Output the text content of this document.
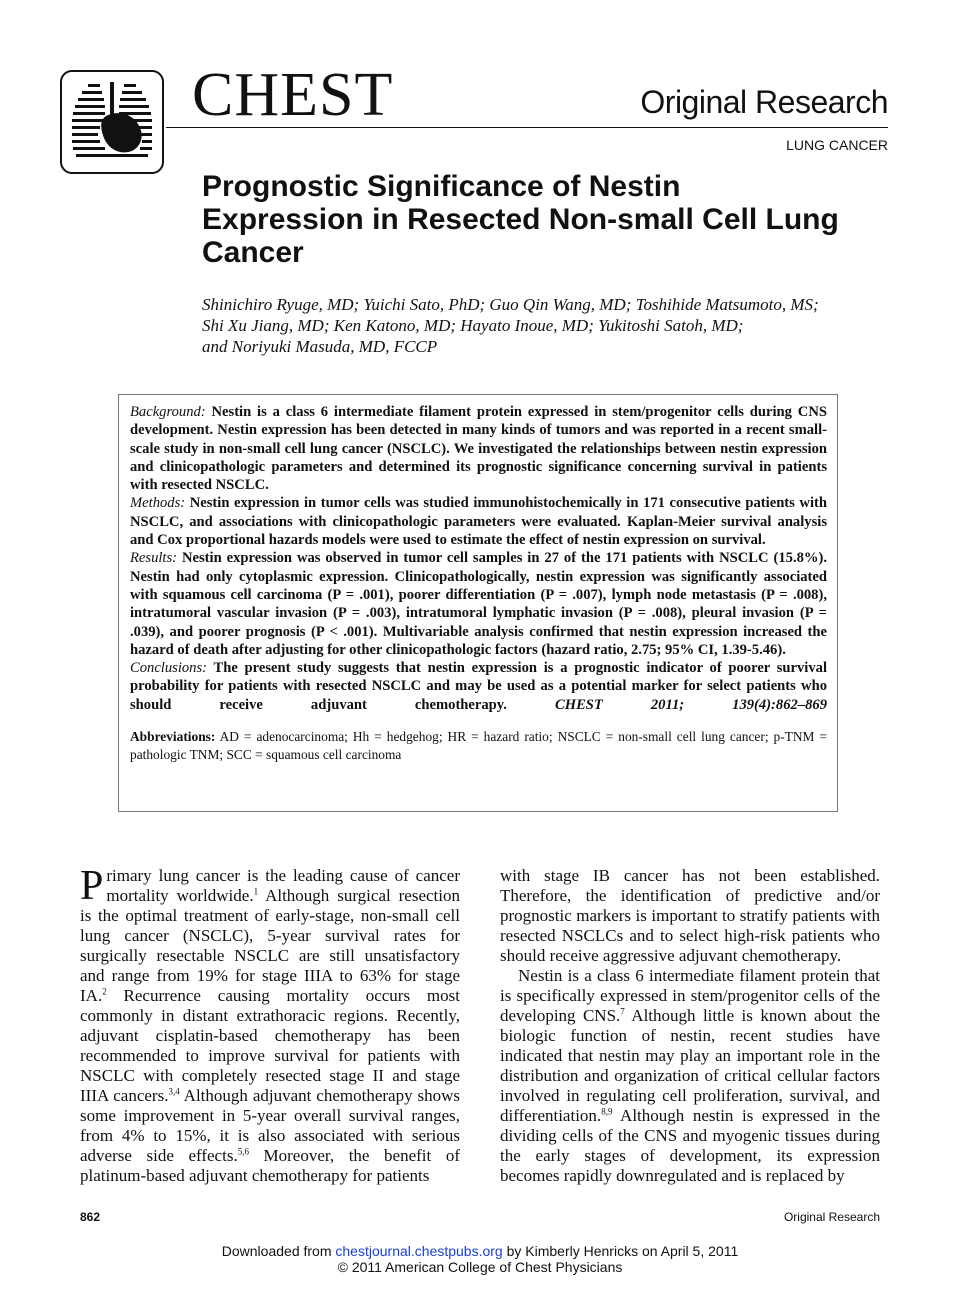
CHEST	Original Research
LUNG CANCER
Prognostic Significance of Nestin Expression in Resected Non-small Cell Lung Cancer
Shinichiro Ryuge, MD; Yuichi Sato, PhD; Guo Qin Wang, MD; Toshihide Matsumoto, MS;
Shi Xu Jiang, MD; Ken Katono, MD; Hayato Inoue, MD; Yukitoshi Satoh, MD;
and Noriyuki Masuda, MD, FCCP

Background: Nestin is a class 6 intermediate filament protein expressed in stem/progenitor cells during CNS development. Nestin expression has been detected in many kinds of tumors and was reported in a recent small-scale study in non-small cell lung cancer (NSCLC). We investigated the relationships between nestin expression and clinicopathologic parameters and determined its prognostic significance concerning survival in patients with resected NSCLC.

Methods: Nestin expression in tumor cells was studied immunohistochemically in 171 consecutive patients with NSCLC, and associations with clinicopathologic parameters were evaluated. Kaplan-Meier survival analysis and Cox proportional hazards models were used to estimate the effect of nestin expression on survival.

Results: Nestin expression was observed in tumor cell samples in 27 of the 171 patients with NSCLC (15.8%). Nestin had only cytoplasmic expression. Clinicopathologically, nestin expression was significantly associated with squamous cell carcinoma (P = .001), poorer differentiation (P = .007), lymph node metastasis (P = .008), intratumoral vascular invasion (P = .003), intratumoral lymphatic invasion (P = .008), pleural invasion (P = .039), and poorer prognosis (P < .001). Multivariable analysis confirmed that nestin expression increased the hazard of death after adjusting for other clinicopathologic factors (hazard ratio, 2.75; 95% CI, 1.39-5.46).

Conclusions: The present study suggests that nestin expression is a prognostic indicator of poorer survival probability for patients with resected NSCLC and may be used as a potential marker for select patients who should receive adjuvant chemotherapy.	CHEST 2011; 139(4):862–869

Abbreviations: AD = adenocarcinoma; Hh = hedgehog; HR = hazard ratio; NSCLC = non-small cell lung cancer; p-TNM = pathologic TNM; SCC = squamous cell carcinoma

Primary lung cancer is the leading cause of cancer mortality worldwide.$^1$ Although surgical resection is the optimal treatment of early-stage, non-small cell lung cancer (NSCLC), 5-year survival rates for surgically resectable NSCLC are still unsatisfactory and range from 19% for stage IIIA to 63% for stage IA.$^2$ Recurrence causing mortality occurs most commonly in distant extrathoracic regions. Recently, adjuvant cisplatin-based chemotherapy has been recommended to improve survival for patients with NSCLC with completely resected stage II and stage IIIA cancers.$^{3,4}$ Although adjuvant chemotherapy shows some improvement in 5-year overall survival ranges, from 4% to 15%, it is also associated with serious adverse side effects.$^{5,6}$ Moreover, the benefit of platinum-based adjuvant chemotherapy for patients

with stage IB cancer has not been established. Therefore, the identification of predictive and/or prognostic markers is important to stratify patients with resected NSCLCs and to select high-risk patients who should receive aggressive adjuvant chemotherapy.

Nestin is a class 6 intermediate filament protein that is specifically expressed in stem/progenitor cells of the developing CNS.$^7$ Although little is known about the biologic function of nestin, recent studies have indicated that nestin may play an important role in the distribution and organization of critical cellular factors involved in regulating cell proliferation, survival, and differentiation.$^{8,9}$ Although nestin is expressed in the dividing cells of the CNS and myogenic tissues during the early stages of development, its expression becomes rapidly downregulated and is replaced by

862	Original Research
Downloaded from chestjournal.chestpubs.org by Kimberly Henricks on April 5, 2011
© 2011 American College of Chest Physicians
